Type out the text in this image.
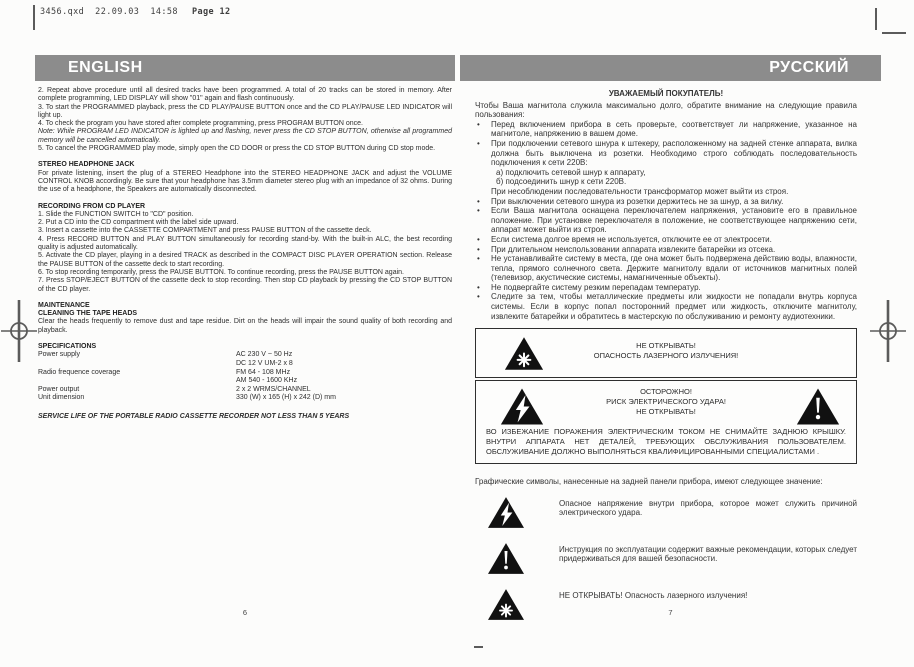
3456.qxd  22.09.03  14:58 Page 12
ENGLISH

2. Repeat above procedure until all desired tracks have been programmed. A total of 20 tracks can be stored in memory. After complete programming, LED DISPLAY will show "01" again and flash continuously.

3. To start the PROGRAMMED playback, press the CD PLAY/PAUSE BUTTON once and the CD PLAY/PAUSE LED INDICATOR will light up.

4. To check the program you have stored after complete programming, press PROGRAM BUTTON once.

Note: While PROGRAM LED INDICATOR is lighted up and flashing, never press the CD STOP BUTTON, otherwise all programmed memory will be cancelled automatically.

5. To cancel the PROGRAMMED play mode, simply open the CD DOOR or press the CD STOP BUTTON during CD stop mode.

STEREO HEADPHONE JACK

For private listening, insert the plug of a STEREO Headphone into the STEREO HEADPHONE JACK and adjust the VOLUME CONTROL KNOB accordingly. Be sure that your headphone has 3.5mm diameter stereo plug with an impedance of 32 ohms. During the use of a headphone, the Speakers are automatically disconnected.

RECORDING FROM CD PLAYER

1. Slide the FUNCTION SWITCH to "CD" position.

2. Put a CD into the CD compartment with the label side upward.

3. Insert a cassette into the CASSETTE COMPARTMENT and press PAUSE BUTTON of the cassette deck.

4. Press RECORD BUTTON and PLAY BUTTON simultaneously for recording stand-by. With the built-in ALC, the best recording quality is adjusted automatically.

5. Activate the CD player, playing in a desired TRACK as described in the COMPACT DISC PLAYER OPERATION section. Release the PAUSE BUTTON of the cassette deck to start recording.

6. To stop recording temporarily, press the PAUSE BUTTON. To continue recording, press the PAUSE BUTTON again.

7. Press STOP/EJECT BUTTON of the cassette deck to stop recording. Then stop CD playback by pressing the CD STOP BUTTON of the CD player.

MAINTENANCE
CLEANING THE TAPE HEADS

Clear the heads frequently to remove dust and tape residue. Dirt on the heads will impair the sound quality of both recording and playback.

SPECIFICATIONS
Power supply	AC 230 V ~ 50 Hz
DC 12 V UM-2 x 8
Radio frequence coverage	FM 64 - 108 MHz
AM 540 - 1600 KHz
Power output	2 x 2 WRMS/CHANNEL
Unit dimension	330 (W) x 165 (H) x 242 (D) mm

SERVICE LIFE OF THE PORTABLE RADIO CASSETTE RECORDER NOT LESS THAN 5 YEARS

6
РУССКИЙ
УВАЖАЕМЫЙ ПОКУПАТЕЛЬ!

Чтобы Ваша магнитола служила максимально долго, обратите внимание на следующие правила пользования:

• Перед включением прибора в сеть проверьте, соответствует ли напряжение, указанное на магнитоле, напряжению в вашем доме.
• При подключении сетевого шнура к штекеру, расположенному на задней стенке аппарата, вилка должна быть выключена из розетки. Необходимо строго соблюдать последовательность подключения к сети 220В:
а) подключить сетевой шнур к аппарату,
б) подсоединить шнур к сети 220В.
При несоблюдении последовательности трансформатор может выйти из строя.
• При выключении сетевого шнура из розетки держитесь не за шнур, а за вилку.
• Если Ваша магнитола оснащена переключателем напряжения, установите его в правильное положение. При установке переключателя в положение, не соответствующее напряжению сети, аппарат может выйти из строя.
• Если система долгое время не используется, отключите ее от электросети.
• При длительном неиспользовании аппарата извлеките батарейки из отсека.
• Не устанавливайте систему в места, где она может быть подвержена действию воды, влажности, тепла, прямого солнечного света. Держите магнитолу вдали от источников магнитных полей (телевизор, акустические системы, намагниченные объекты).
• Не подвергайте систему резким перепадам температур.
• Следите за тем, чтобы металлические предметы или жидкости не попадали внутрь корпуса системы. Если в корпус попал посторонний предмет или жидкость, отключите магнитолу, извлеките батарейки и обратитесь в мастерскую по обслуживанию и ремонту аудиотехники.
НЕ ОТКРЫВАТЬ!
ОПАСНОСТЬ ЛАЗЕРНОГО ИЗЛУЧЕНИЯ!
ОСТОРОЖНО!
РИСК ЭЛЕКТРИЧЕСКОГО УДАРА!
НЕ ОТКРЫВАТЬ!
ВО ИЗБЕЖАНИЕ ПОРАЖЕНИЯ ЭЛЕКТРИЧЕСКИМ ТОКОМ НЕ СНИМАЙТЕ ЗАДНЮЮ КРЫШКУ. ВНУТРИ АППАРАТА НЕТ ДЕТАЛЕЙ, ТРЕБУЮЩИХ ОБСЛУЖИВАНИЯ ПОЛЬЗОВАТЕЛЕМ. ОБСЛУЖИВАНИЕ ДОЛЖНО ВЫПОЛНЯТЬСЯ КВАЛИФИЦИРОВАННЫМИ СПЕЦИАЛИСТАМИ .

Графические символы, нанесенные на задней панели прибора, имеют следующее значение:

Опасное напряжение внутри прибора, которое может служить причиной электрического удара.
Инструкция по эксплуатации содержит важные рекомендации, которых следует придерживаться для вашей безопасности.
НЕ ОТКРЫВАТЬ! Опасность лазерного излучения!
7
